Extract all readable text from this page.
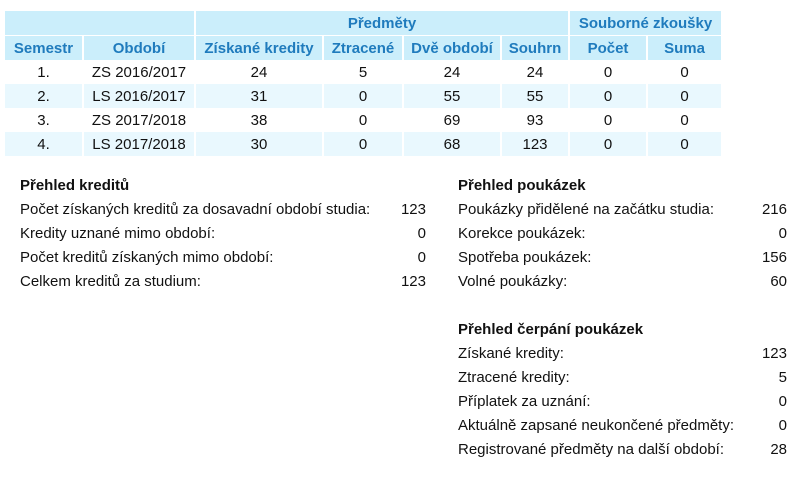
		Předměty				Souborné zkoušky	
Semestr	Období	Získané kredity	Ztracené	Dvě období	Souhrn	Počet	Suma
1.	ZS 2016/2017	24	5	24	24	0	0
2.	LS 2016/2017	31	0	55	55	0	0
3.	ZS 2017/2018	38	0	69	93	0	0
4.	LS 2017/2018	30	0	68	123	0	0
Přehled kreditů
Počet získaných kreditů za dosavadní období studia: 123
Kredity uznané mimo období:	0
Počet kreditů získaných mimo období:	0
Celkem kreditů za studium:	123
Přehled poukázek
Poukázky přidělené na začátku studia:	216
Korekce poukázek:	0
Spotřeba poukázek:	156
Volné poukázky:	60
Přehled čerpání poukázek
Získané kredity:	123
Ztracené kredity:	5
Příplatek za uznání:	0
Aktuálně zapsané neukončené předměty:	0
Registrované předměty na další období:	28
